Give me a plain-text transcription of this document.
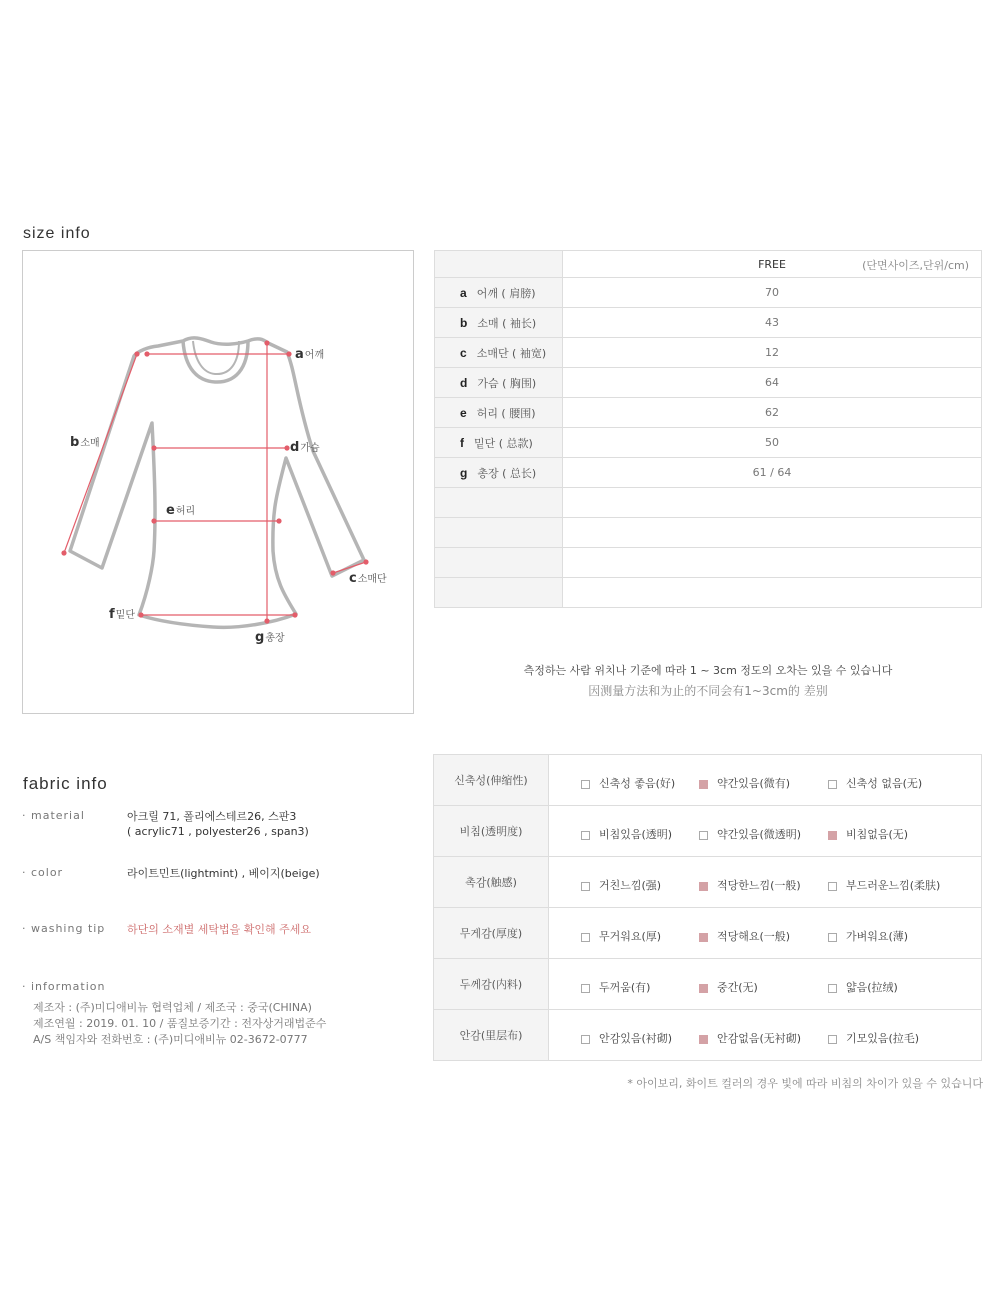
size info
a어깨
b소매
c소매단
d가슴
e허리
f밑단
g총장
	FREE (단면사이즈,단위/cm)

a 어깨 ( 肩膀)	70
b 소매 ( 袖长)	43
c 소매단 ( 袖宽)	12
d 가슴 ( 胸围)	64
e 허리 ( 腰围)	62
f 밑단 ( 总款)	50
g 총장 ( 总长)	61 / 64

측정하는 사람 위치나 기준에 따라 1 ~ 3cm 정도의 오차는 있을 수 있습니다
因测量方法和为止的不同会有1~3cm的 差别
fabric info
· material	아크릴 71, 폴리에스테르26, 스판3
( acrylic71 , polyester26 , span3)
· color	라이트민트(lightmint) , 베이지(beige)
· washing tip 하단의 소재별 세탁법을 확인해 주세요
· information
제조자 : (주)미디애비뉴 협력업체 / 제조국 : 중국(CHINA)
제조연월 : 2019. 01. 10 / 품질보증기간 : 전자상거래법준수
A/S 책임자와 전화번호 : (주)미디애비뉴 02-3672-0777
신축성(伸缩性)	신축성 좋음(好) 약간있음(微有) 신축성 없음(无)

비침(透明度)	비침있음(透明) 약간있음(微透明) 비침없음(无)

촉감(触感)	거친느낌(强) 적당한느낌(一般) 부드러운느낌(柔肤)

무게감(厚度)	무거워요(厚) 적당해요(一般) 가벼워요(薄)

두께감(内料)	두꺼움(有) 중간(无) 얇음(拉绒)

안감(里层布)	안감있음(衬砌) 안감없음(无衬砌) 기모있음(拉毛)
* 아이보리, 화이트 컬러의 경우 빛에 따라 비침의 차이가 있을 수 있습니다
